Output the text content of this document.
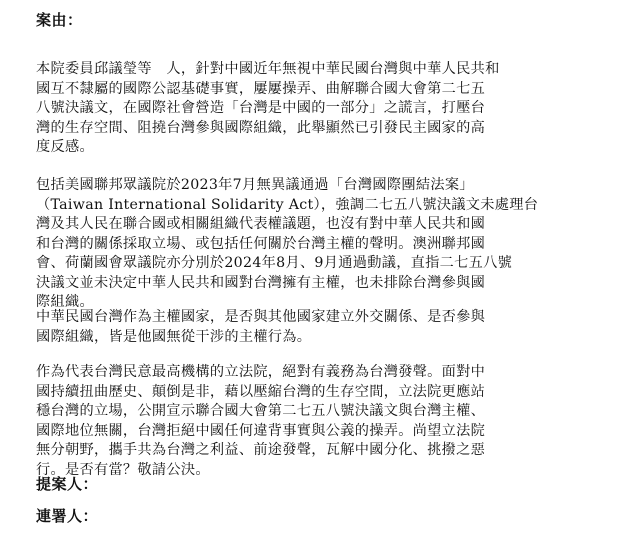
案由：
本院委員邱議瑩等　人，針對中國近年無視中華民國台灣與中華人民共和
國互不隸屬的國際公認基礎事實，屢屢操弄、曲解聯合國大會第二七五
八號決議文，在國際社會營造「台灣是中國的一部分」之謊言，打壓台
灣的生存空間、阻撓台灣參與國際組織，此舉顯然已引發民主國家的高
度反感。
包括美國聯邦眾議院於2023年7月無異議通過「台灣國際團結法案」
（Taiwan International Solidarity Act），強調二七五八號決議文未處理台
灣及其人民在聯合國或相關組織代表權議題，也沒有對中華人民共和國
和台灣的關係採取立場、或包括任何關於台灣主權的聲明。澳洲聯邦國
會、荷蘭國會眾議院亦分別於2024年8月、9月通過動議，直指二七五八號
決議文並未決定中華人民共和國對台灣擁有主權，也未排除台灣參與國
際組織。
中華民國台灣作為主權國家，是否與其他國家建立外交關係、是否參與
國際組織，皆是他國無從干涉的主權行為。
作為代表台灣民意最高機構的立法院，絕對有義務為台灣發聲。面對中
國持續扭曲歷史、顛倒是非，藉以壓縮台灣的生存空間，立法院更應站
穩台灣的立場，公開宣示聯合國大會第二七五八號決議文與台灣主權、
國際地位無關，台灣拒絕中國任何違背事實與公義的操弄。尚望立法院
無分朝野，攜手共為台灣之利益、前途發聲，瓦解中國分化、挑撥之惡
行。是否有當？敬請公決。
提案人：
連署人：
